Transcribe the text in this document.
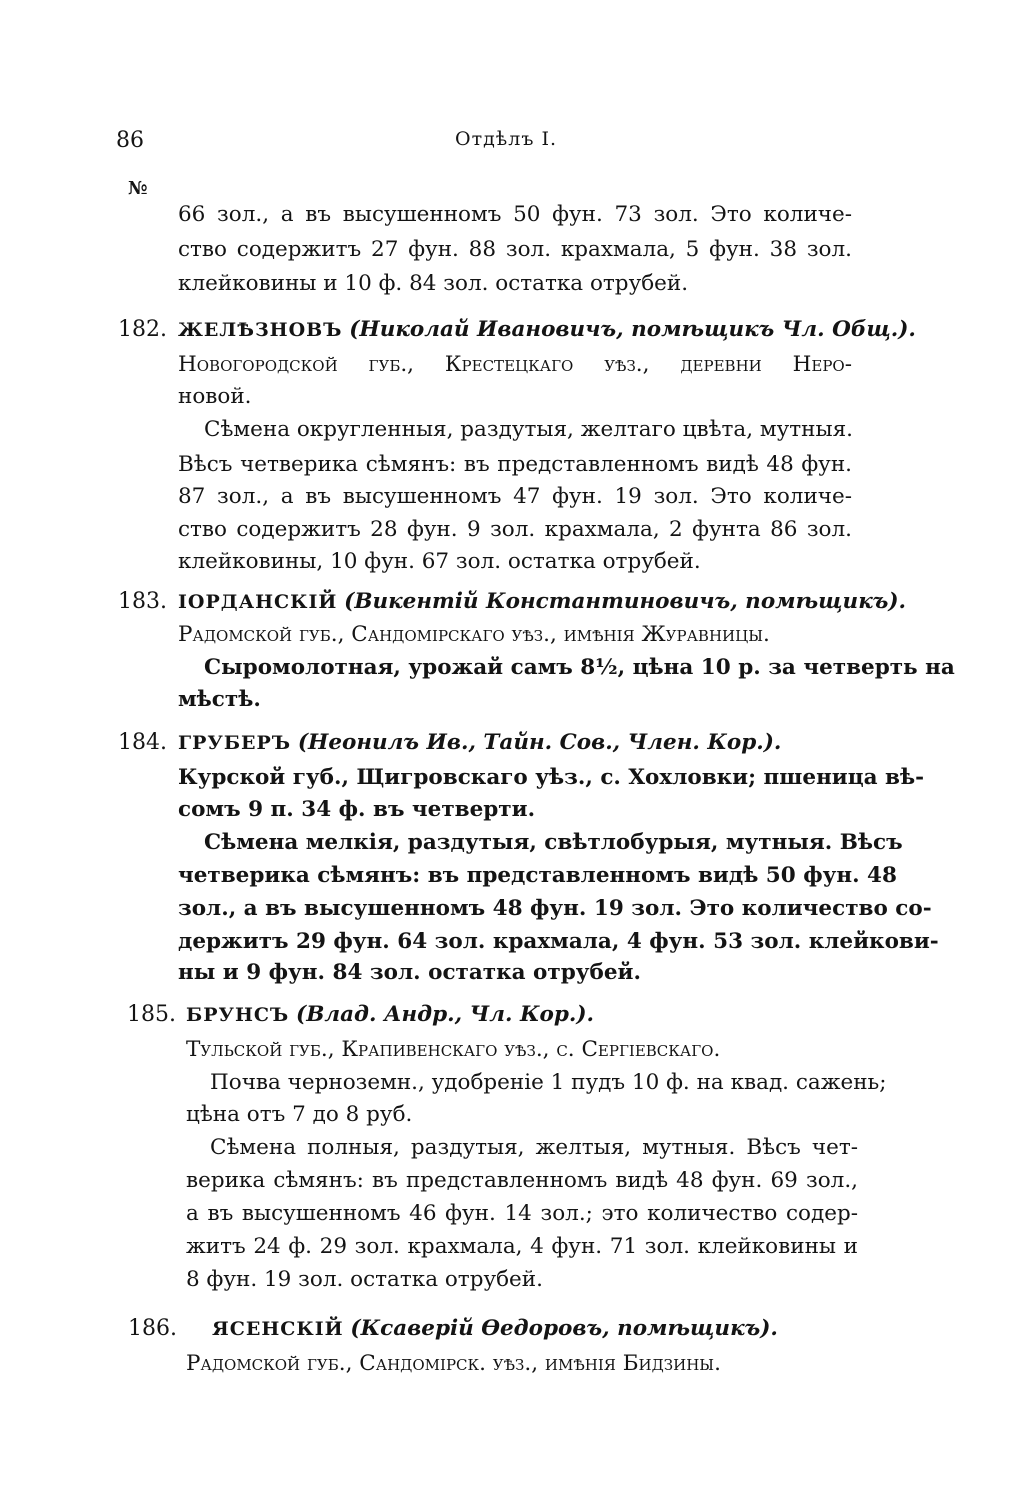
86	Отдѣлъ I.
№
66 зол., а въ высушенномъ 50 фун. 73 зол. Это количе-
ство содержитъ 27 фун. 88 зол. крахмала, 5 фун. 38 зол.
клейковины и 10 ф. 84 зол. остатка отрубей.
182. ЖЕЛѢЗНОВЪ (Николай Ивановичъ, помѣщикъ Чл. Общ.).
Новогородской губ., Крестецкаго уѣз., деревни Неро-
новой.
Сѣмена округленныя, раздутыя, желтаго цвѣта, мутныя.
Вѣсъ четверика сѣмянъ: въ представленномъ видѣ 48 фун.
87 зол., а въ высушенномъ 47 фун. 19 зол. Это количе-
ство содержитъ 28 фун. 9 зол. крахмала, 2 фунта 86 зол.
клейковины, 10 фун. 67 зол. остатка отрубей.
183. ІОРДАНСКІЙ (Викентій Константиновичъ, помѣщикъ).
Радомской губ., Сандомірскаго уѣз., имѣнія Журавницы.
Сыромолотная, урожай самъ 8½, цѣна 10 р. за четверть на
мѣстѣ.
184. ГРУБЕРЪ (Неонилъ Ив., Тайн. Сов., Член. Кор.).
Курской губ., Щигровскаго уѣз., с. Хохловки; пшеница вѣ-
сомъ 9 п. 34 ф. въ четверти.
Сѣмена мелкія, раздутыя, свѣтлобурыя, мутныя. Вѣсъ
четверика сѣмянъ: въ представленномъ видѣ 50 фун. 48
зол., а въ высушенномъ 48 фун. 19 зол. Это количество со-
держитъ 29 фун. 64 зол. крахмала, 4 фун. 53 зол. клейкови-
ны и 9 фун. 84 зол. остатка отрубей.
185. БРУНСЪ (Влад. Андр., Чл. Кор.).
Тульской губ., Крапивенскаго уѣз., с. Сергіевскаго.
Почва черноземн., удобреніе 1 пудъ 10 ф. на квад. сажень;
цѣна отъ 7 до 8 руб.
Сѣмена полныя, раздутыя, желтыя, мутныя. Вѣсъ чет-
верика сѣмянъ: въ представленномъ видѣ 48 фун. 69 зол.,
а въ высушенномъ 46 фун. 14 зол.; это количество содер-
житъ 24 ф. 29 зол. крахмала, 4 фун. 71 зол. клейковины и
8 фун. 19 зол. остатка отрубей.
186. ЯСЕНСКІЙ (Ксаверій Ѳедоровъ, помѣщикъ).
Радомской губ., Сандомірск. уѣз., имѣнія Бидзины.
